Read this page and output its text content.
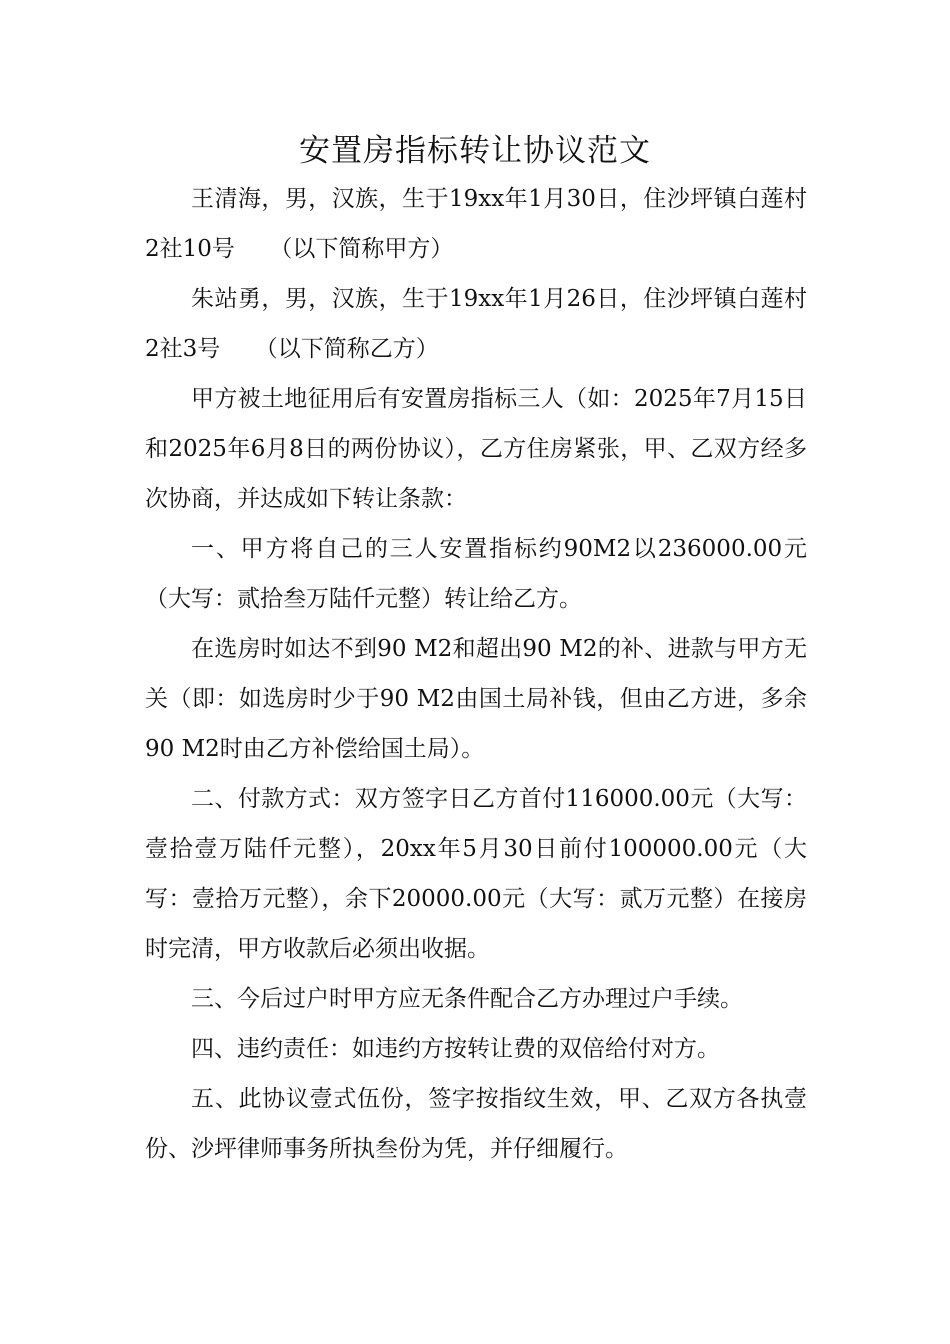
安置房指标转让协议范文

王清海，男，汉族，生于19xx年1月30日，住沙坪镇白莲村2社10号　　（以下简称甲方）

朱站勇，男，汉族，生于19xx年1月26日，住沙坪镇白莲村2社3号　　（以下简称乙方）

甲方被土地征用后有安置房指标三人（如：2025年7月15日和2025年6月8日的两份协议），乙方住房紧张，甲、乙双方经多次协商，并达成如下转让条款：

一、甲方将自己的三人安置指标约90M2以236000.00元（大写：贰拾叁万陆仟元整）转让给乙方。

在选房时如达不到90 M2和超出90 M2的补、进款与甲方无关（即：如选房时少于90 M2由国土局补钱，但由乙方进，多余90 M2时由乙方补偿给国土局）。

二、付款方式：双方签字日乙方首付116000.00元（大写：壹拾壹万陆仟元整），20xx年5月30日前付100000.00元（大写：壹拾万元整），余下20000.00元（大写：贰万元整）在接房时完清，甲方收款后必须出收据。

三、今后过户时甲方应无条件配合乙方办理过户手续。

四、违约责任：如违约方按转让费的双倍给付对方。

五、此协议壹式伍份，签字按指纹生效，甲、乙双方各执壹份、沙坪律师事务所执叁份为凭，并仔细履行。
